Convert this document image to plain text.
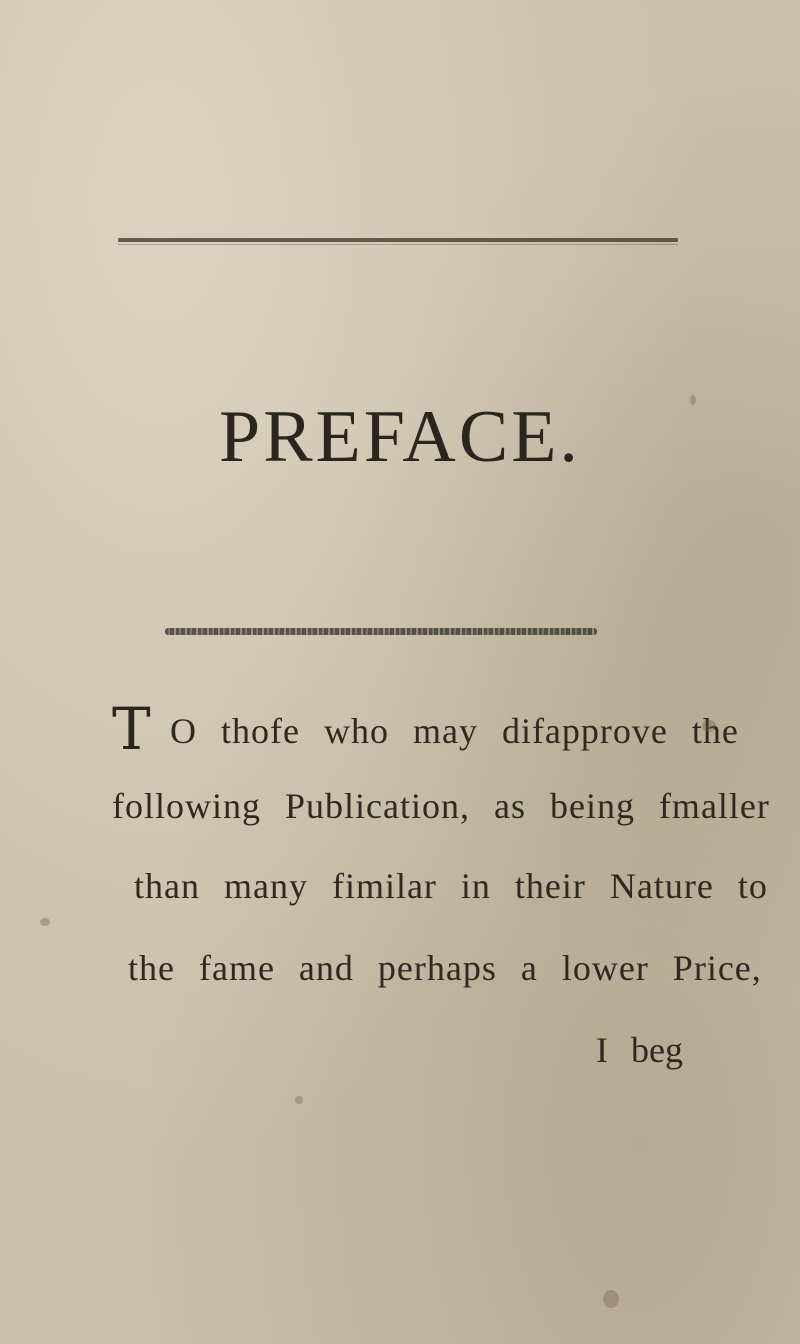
PREFACE.
T O thofe who may difapprove the
following Publication, as being fmaller
than many fimilar in their Nature to
the fame and perhaps a lower Price,
I beg
